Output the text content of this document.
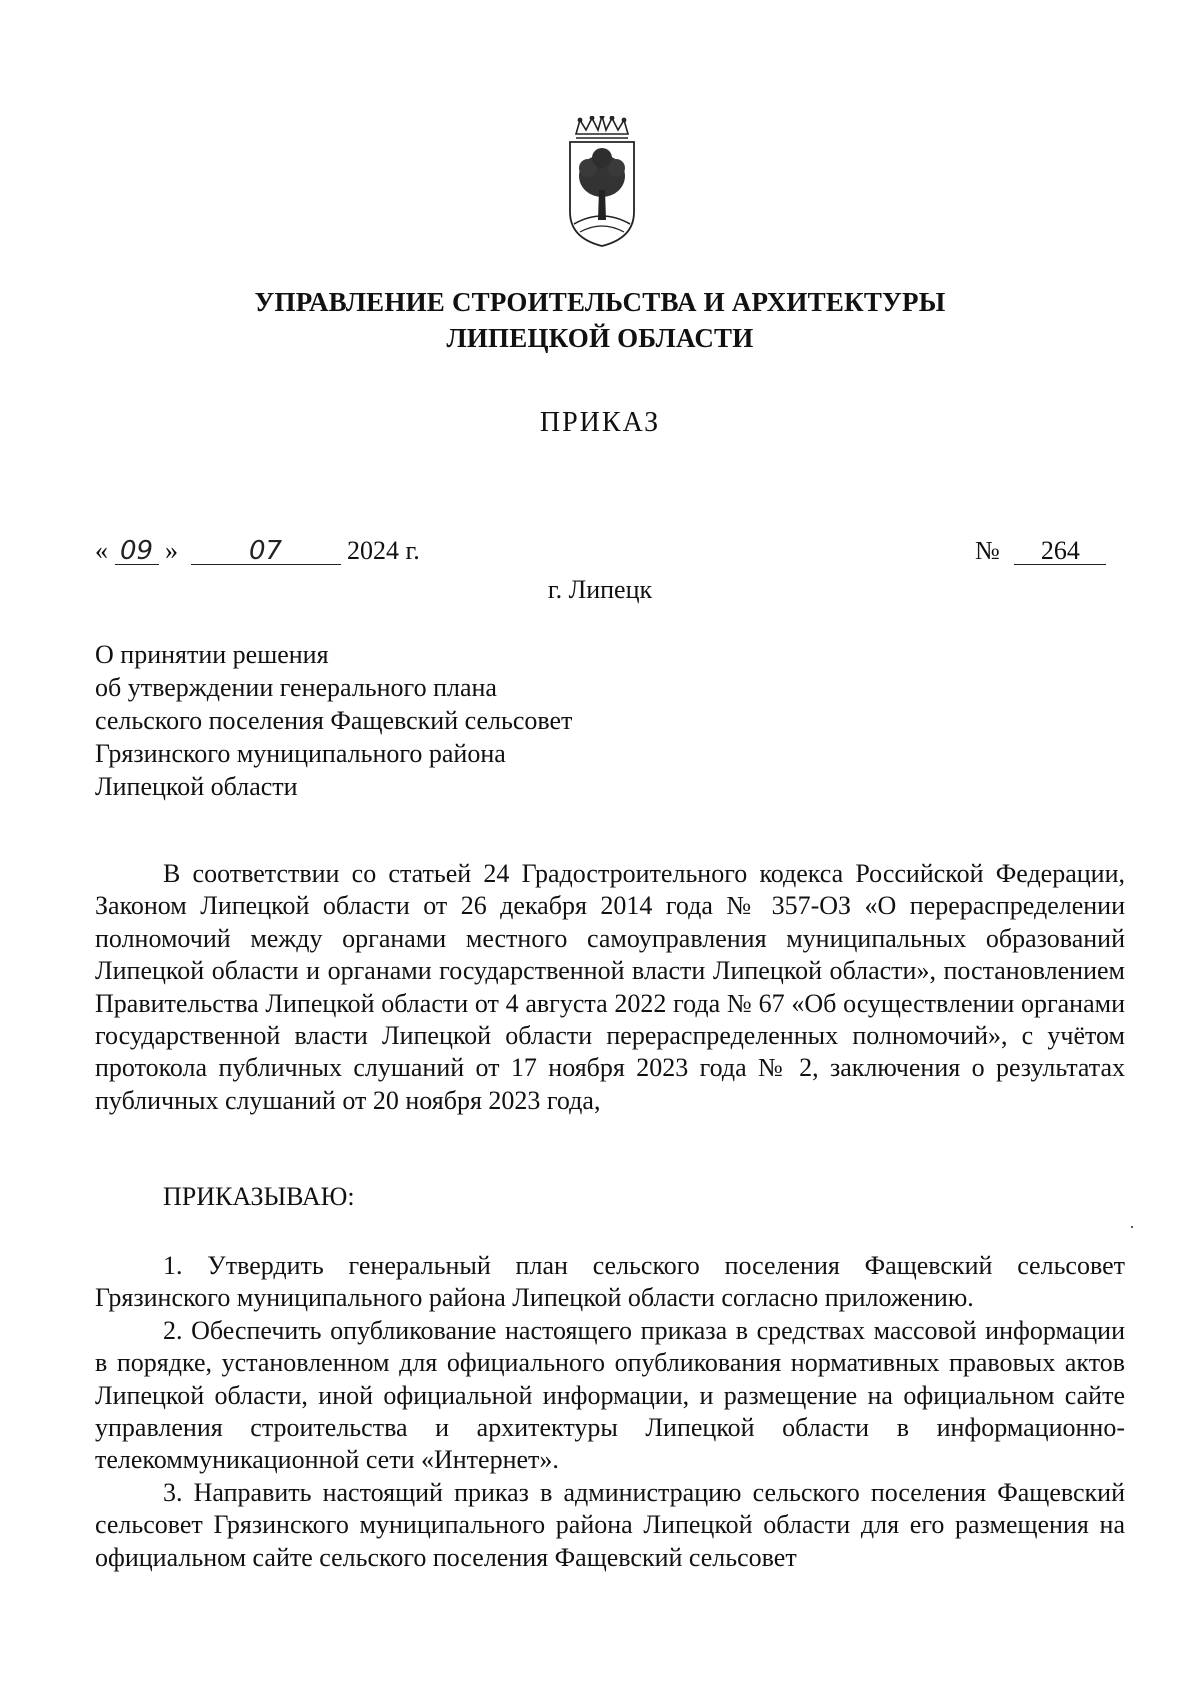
УПРАВЛЕНИЕ СТРОИТЕЛЬСТВА И АРХИТЕКТУРЫ
ЛИПЕЦКОЙ ОБЛАСТИ
ПРИКАЗ
« 09 »	07 2024 г.	№ 264
г. Липецк
О принятии решения
об утверждении генерального плана
сельского поселения Фащевский сельсовет
Грязинского муниципального района
Липецкой области

В соответствии со статьей 24 Градостроительного кодекса Российской Федерации, Законом Липецкой области от 26 декабря 2014 года № 357-ОЗ «О перераспределении полномочий между органами местного самоуправления муниципальных образований Липецкой области и органами государственной власти Липецкой области», постановлением Правительства Липецкой области от 4 августа 2022 года № 67 «Об осуществлении органами государственной власти Липецкой области перераспределенных полномочий», с учётом протокола публичных слушаний от 17 ноября 2023 года № 2, заключения о результатах публичных слушаний от 20 ноября 2023 года,

ПРИКАЗЫВАЮ:

1. Утвердить генеральный план сельского поселения Фащевский сельсовет Грязинского муниципального района Липецкой области согласно приложению.

2. Обеспечить опубликование настоящего приказа в средствах массовой информации в порядке, установленном для официального опубликования нормативных правовых актов Липецкой области, иной официальной информации, и размещение на официальном сайте управления строительства и архитектуры Липецкой области в информационно-телекоммуникационной сети «Интернет».

3. Направить настоящий приказ в администрацию сельского поселения Фащевский сельсовет Грязинского муниципального района Липецкой области для его размещения на официальном сайте сельского поселения Фащевский сельсовет
